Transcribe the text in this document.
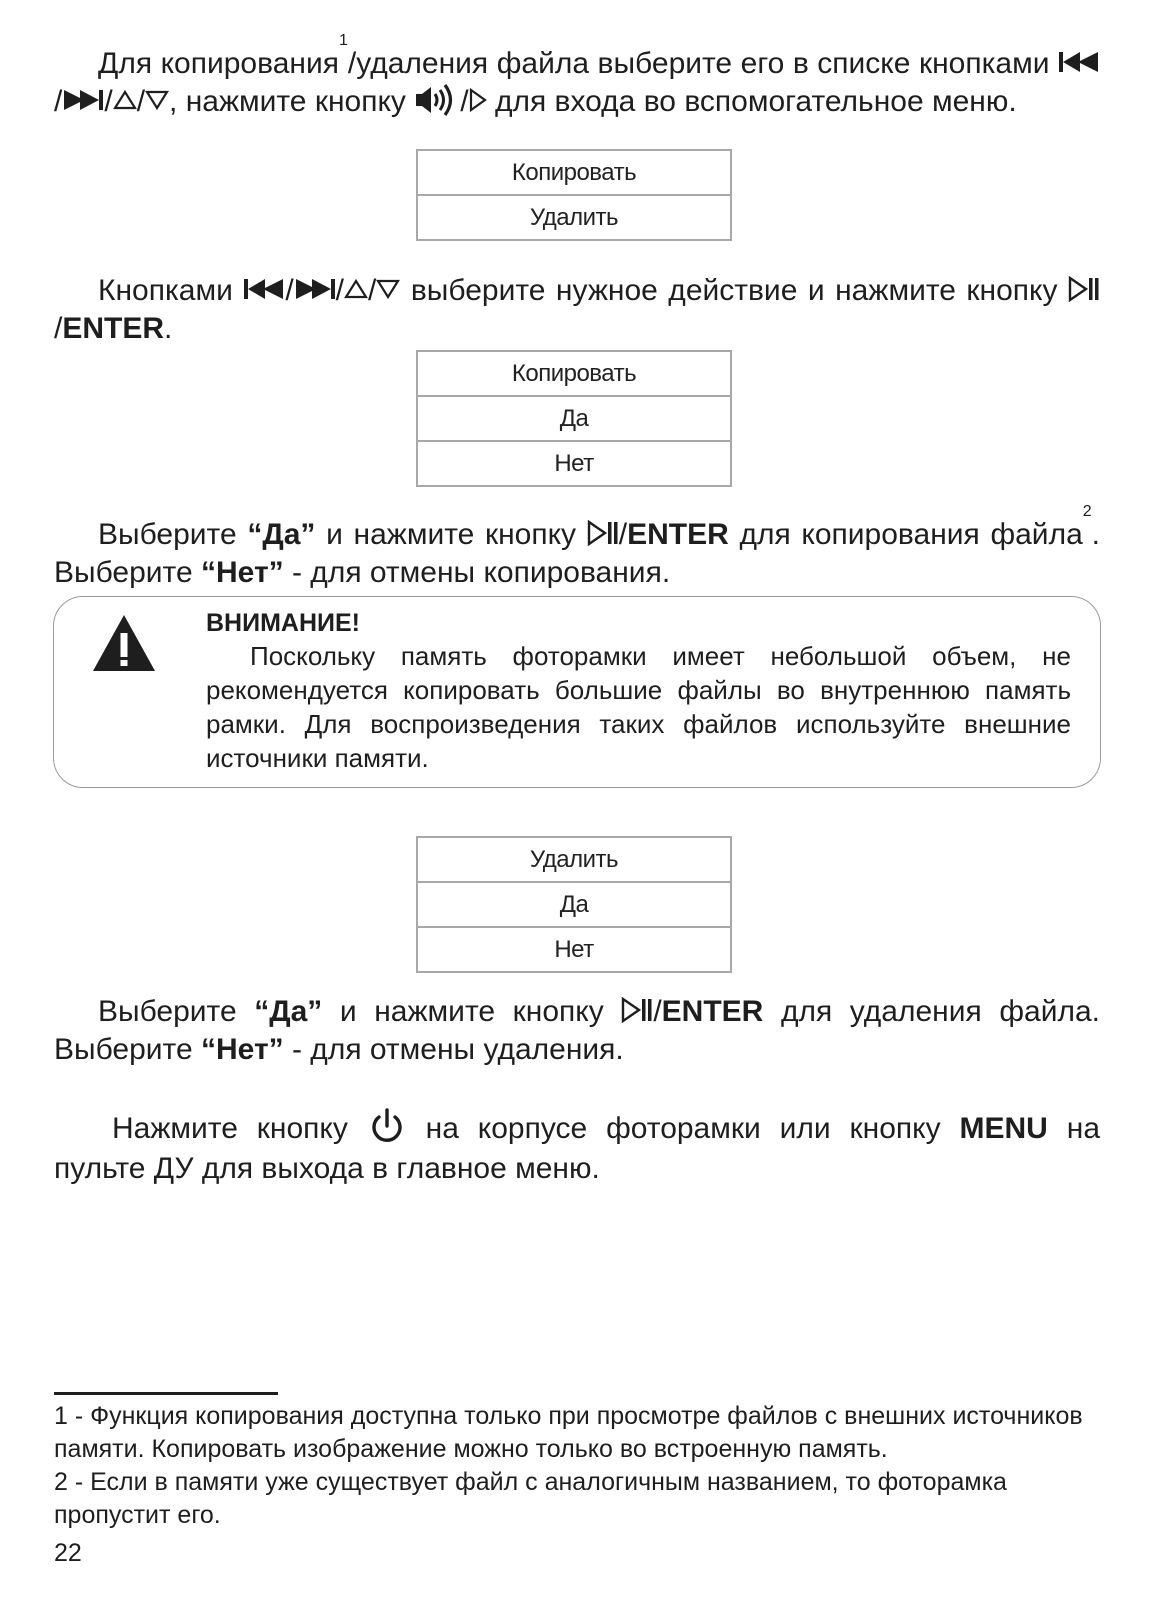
Для копирования$^1$/удаления файла выберите его в списке кнопками / / / , нажмите кнопку / для входа во вспомогательное меню.

Копировать
Удалить

Кнопками / / / выберите нужное действие и нажмите кнопку /ENTER.

Копировать
Да
Нет

Выберите “Да” и нажмите кнопку /ENTER для копирования файла$^2$. Выберите “Нет” - для отмены копирования.

ВНИМАНИЕ!
Поскольку память фоторамки имеет небольшой объем, не рекомендуется копировать большие файлы во внутреннюю память рамки. Для воспроизведения таких файлов используйте внешние источники памяти.
Удалить
Да
Нет

Выберите “Да” и нажмите кнопку /ENTER для удаления файла. Выберите “Нет” - для отмены удаления.

Нажмите кнопку	на корпусе фоторамки или кнопку MENU на пульте ДУ для выхода в главное меню.

1 - Функция копирования доступна только при просмотре файлов с внешних источников памяти. Копировать изображение можно только во встроенную память.
2 - Если в памяти уже существует файл с аналогичным названием, то фоторамка пропустит его.
22
